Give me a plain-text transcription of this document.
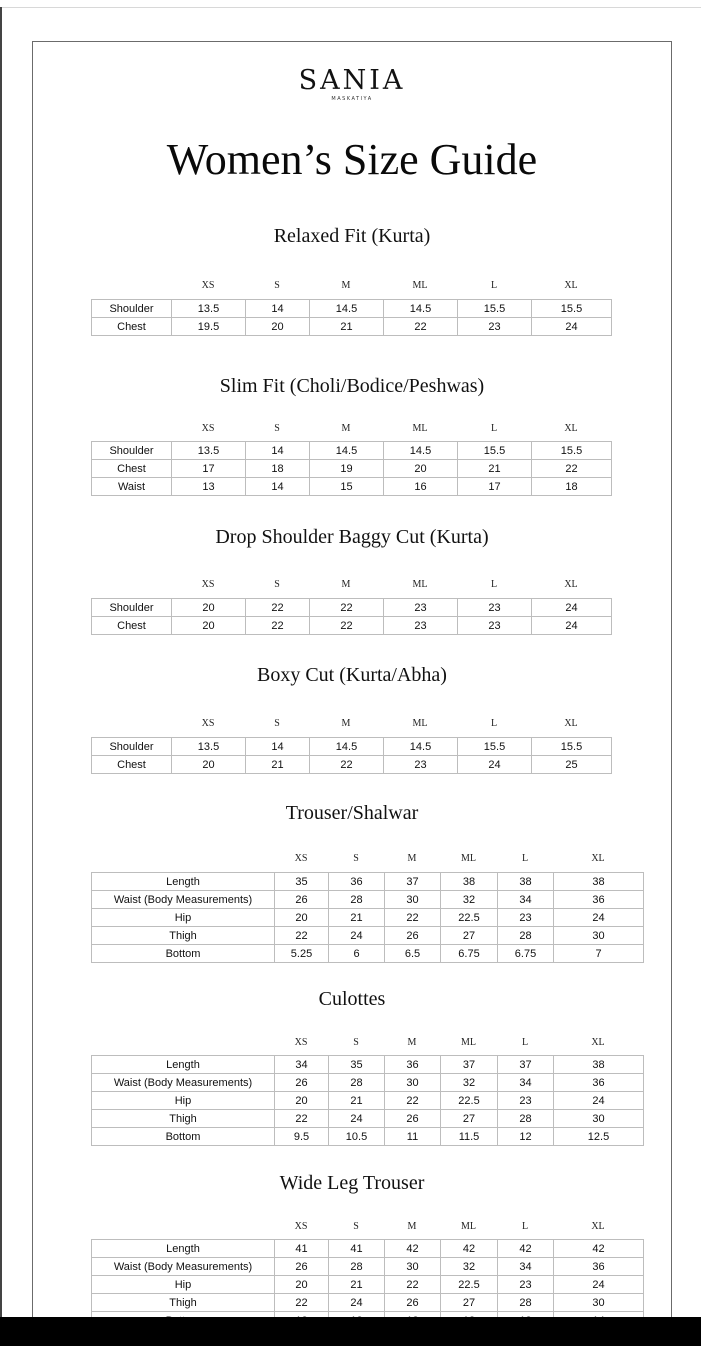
SANIA
MASKATIYA
Women’s Size Guide
Relaxed Fit (Kurta)
XS	S	M	ML	L	XL
Shoulder	13.5	14	14.5	14.5	15.5	15.5
Chest	19.5	20	21	22	23	24
Slim Fit (Choli/Bodice/Peshwas)
XS	S	M	ML	L	XL
Shoulder	13.5	14	14.5	14.5	15.5	15.5
Chest	17	18	19	20	21	22
Waist	13	14	15	16	17	18
Drop Shoulder Baggy Cut (Kurta)
XS	S	M	ML	L	XL
Shoulder	20	22	22	23	23	24
Chest	20	22	22	23	23	24
Boxy Cut (Kurta/Abha)
XS	S	M	ML	L	XL
Shoulder	13.5	14	14.5	14.5	15.5	15.5
Chest	20	21	22	23	24	25
Trouser/Shalwar
XS	S	M	ML	L	XL
Length	35	36	37	38	38	38
Waist (Body Measurements)	26	28	30	32	34	36
Hip	20	21	22	22.5	23	24
Thigh	22	24	26	27	28	30
Bottom	5.25	6	6.5	6.75	6.75	7
Culottes
XS	S	M	ML	L	XL
Length	34	35	36	37	37	38
Waist (Body Measurements)	26	28	30	32	34	36
Hip	20	21	22	22.5	23	24
Thigh	22	24	26	27	28	30
Bottom	9.5	10.5	11	11.5	12	12.5
Wide Leg Trouser
XS	S	M	ML	L	XL
Length	41	41	42	42	42	42
Waist (Body Measurements)	26	28	30	32	34	36
Hip	20	21	22	22.5	23	24
Thigh	22	24	26	27	28	30
